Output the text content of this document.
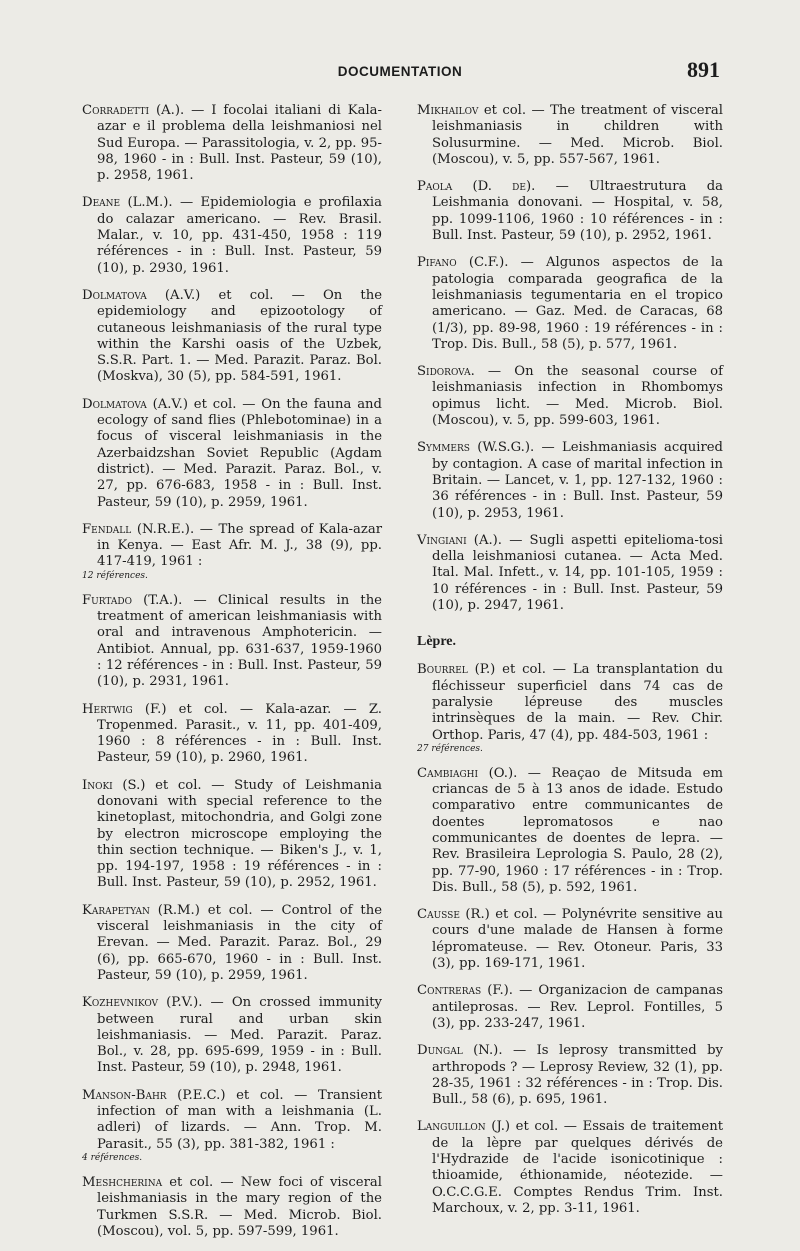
DOCUMENTATION	891

Corradetti (A.). — I focolai italiani di Kala-azar e il problema della leishmaniosi nel Sud Europa. — Parassitologia, v. 2, pp. 95-98, 1960 - in : Bull. Inst. Pasteur, 59 (10), p. 2958, 1961.

Deane (L.M.). — Epidemiologia e profilaxia do calazar americano. — Rev. Brasil. Malar., v. 10, pp. 431-450, 1958 : 119 références - in : Bull. Inst. Pasteur, 59 (10), p. 2930, 1961.

Dolmatova (A.V.) et col. — On the epidemiology and epizootology of cutaneous leishmaniasis of the rural type within the Karshi oasis of the Uzbek, S.S.R. Part. 1. — Med. Parazit. Paraz. Bol. (Moskva), 30 (5), pp. 584-591, 1961.

Dolmatova (A.V.) et col. — On the fauna and ecology of sand flies (Phlebotominae) in a focus of visceral leishmaniasis in the Azerbaidzshan Soviet Republic (Agdam district). — Med. Parazit. Paraz. Bol., v. 27, pp. 676-683, 1958 - in : Bull. Inst. Pasteur, 59 (10), p. 2959, 1961.

Fendall (N.R.E.). — The spread of Kala-azar in Kenya. — East Afr. M. J., 38 (9), pp. 417-419, 1961 :
12 références.

Furtado (T.A.). — Clinical results in the treatment of american leishmaniasis with oral and intravenous Amphotericin. — Antibiot. Annual, pp. 631-637, 1959-1960 : 12 références - in : Bull. Inst. Pasteur, 59 (10), p. 2931, 1961.

Hertwig (F.) et col. — Kala-azar. — Z. Tropenmed. Parasit., v. 11, pp. 401-409, 1960 : 8 références - in : Bull. Inst. Pasteur, 59 (10), p. 2960, 1961.

Inoki (S.) et col. — Study of Leishmania donovani with special reference to the kinetoplast, mitochondria, and Golgi zone by electron microscope employing the thin section technique. — Biken's J., v. 1, pp. 194-197, 1958 : 19 références - in : Bull. Inst. Pasteur, 59 (10), p. 2952, 1961.

Karapetyan (R.M.) et col. — Control of the visceral leishmaniasis in the city of Erevan. — Med. Parazit. Paraz. Bol., 29 (6), pp. 665-670, 1960 - in : Bull. Inst. Pasteur, 59 (10), p. 2959, 1961.

Kozhevnikov (P.V.). — On crossed immunity between rural and urban skin leishmaniasis. — Med. Parazit. Paraz. Bol., v. 28, pp. 695-699, 1959 - in : Bull. Inst. Pasteur, 59 (10), p. 2948, 1961.

Manson-Bahr (P.E.C.) et col. — Transient infection of man with a leishmania (L. adleri) of lizards. — Ann. Trop. M. Parasit., 55 (3), pp. 381-382, 1961 :
4 références.

Meshcherina et col. — New foci of visceral leishmaniasis in the mary region of the Turkmen S.S.R. — Med. Microb. Biol. (Moscou), vol. 5, pp. 597-599, 1961.

Mikhailov et col. — The treatment of visceral leishmaniasis in children with Solusurmine. — Med. Microb. Biol. (Moscou), v. 5, pp. 557-567, 1961.

Paola (D. de). — Ultraestrutura da Leishmania donovani. — Hospital, v. 58, pp. 1099-1106, 1960 : 10 références - in : Bull. Inst. Pasteur, 59 (10), p. 2952, 1961.

Pifano (C.F.). — Algunos aspectos de la patologia comparada geografica de la leishmaniasis tegumentaria en el tropico americano. — Gaz. Med. de Caracas, 68 (1/3), pp. 89-98, 1960 : 19 références - in : Trop. Dis. Bull., 58 (5), p. 577, 1961.

Sidorova. — On the seasonal course of leishmaniasis infection in Rhombomys opimus licht. — Med. Microb. Biol. (Moscou), v. 5, pp. 599-603, 1961.

Symmers (W.S.G.). — Leishmaniasis acquired by contagion. A case of marital infection in Britain. — Lancet, v. 1, pp. 127-132, 1960 : 36 références - in : Bull. Inst. Pasteur, 59 (10), p. 2953, 1961.

Vingiani (A.). — Sugli aspetti epitelioma-tosi della leishmaniosi cutanea. — Acta Med. Ital. Mal. Infett., v. 14, pp. 101-105, 1959 : 10 références - in : Bull. Inst. Pasteur, 59 (10), p. 2947, 1961.

Lèpre.

Bourrel (P.) et col. — La transplantation du fléchisseur superficiel dans 74 cas de paralysie lépreuse des muscles intrinsèques de la main. — Rev. Chir. Orthop. Paris, 47 (4), pp. 484-503, 1961 :
27 références.

Cambiaghi (O.). — Reaçao de Mitsuda em criancas de 5 à 13 anos de idade. Estudo comparativo entre communicantes de doentes lepromatosos e nao communicantes de doentes de lepra. — Rev. Brasileira Leprologia S. Paulo, 28 (2), pp. 77-90, 1960 : 17 références - in : Trop. Dis. Bull., 58 (5), p. 592, 1961.

Causse (R.) et col. — Polynévrite sensitive au cours d'une malade de Hansen à forme lépromateuse. — Rev. Otoneur. Paris, 33 (3), pp. 169-171, 1961.

Contreras (F.). — Organizacion de campanas antileprosas. — Rev. Leprol. Fontilles, 5 (3), pp. 233-247, 1961.

Dungal (N.). — Is leprosy transmitted by arthropods ? — Leprosy Review, 32 (1), pp. 28-35, 1961 : 32 références - in : Trop. Dis. Bull., 58 (6), p. 695, 1961.

Languillon (J.) et col. — Essais de traitement de la lèpre par quelques dérivés de l'Hydrazide de l'acide isonicotinique : thioamide, éthionamide, néotezide. — O.C.C.G.E. Comptes Rendus Trim. Inst. Marchoux, v. 2, pp. 3-11, 1961.
